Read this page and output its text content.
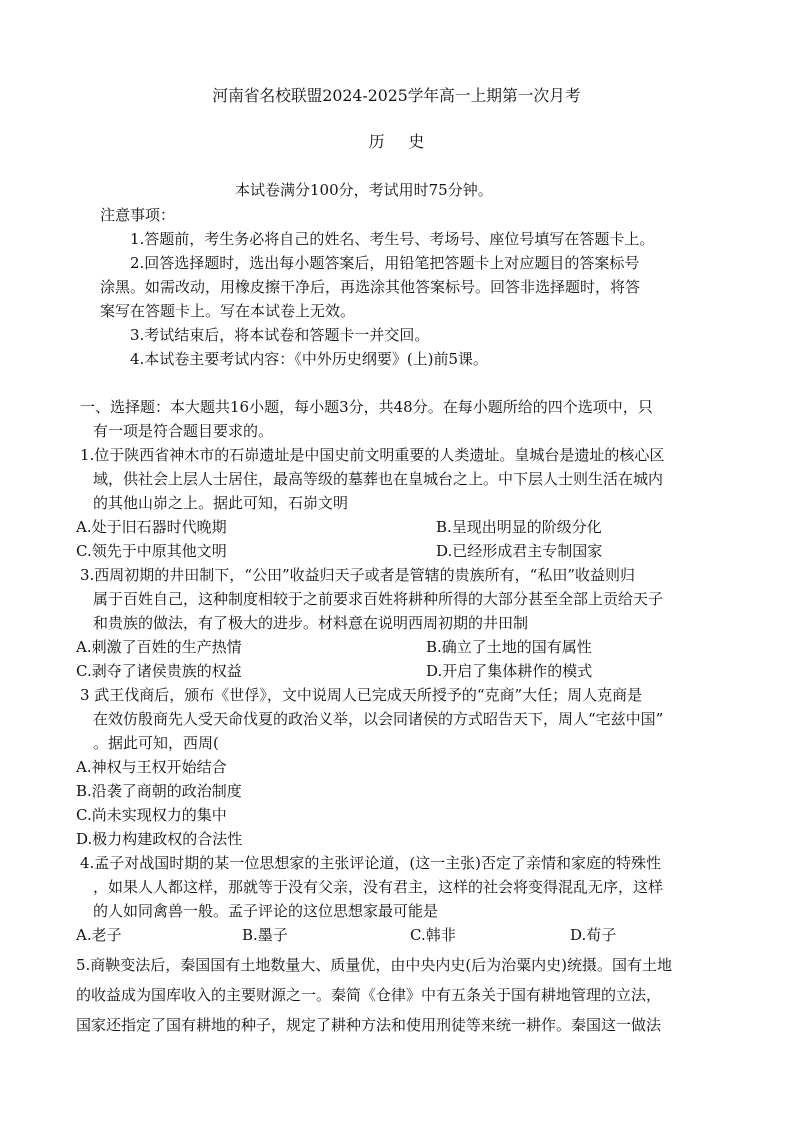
河南省名校联盟2024-2025学年高一上期第一次月考
历 史
本试卷满分100分，考试用时75分钟。
注意事项：
1.答题前，考生务必将自己的姓名、考生号、考场号、座位号填写在答题卡上。
2.回答选择题时，选出每小题答案后，用铅笔把答题卡上对应题目的答案标号
涂黑。如需改动，用橡皮擦干净后，再选涂其他答案标号。回答非选择题时，将答
案写在答题卡上。写在本试卷上无效。
3.考试结束后，将本试卷和答题卡一并交回。
4.本试卷主要考试内容：《中外历史纲要》(上)前5课。
一、选择题：本大题共16小题，每小题3分，共48分。在每小题所给的四个选项中，只
有一项是符合题目要求的。
1.位于陕西省神木市的石峁遗址是中国史前文明重要的人类遗址。皇城台是遗址的核心区
域，供社会上层人士居住，最高等级的墓葬也在皇城台之上。中下层人士则生活在城内
的其他山峁之上。据此可知，石峁文明
A.处于旧石器时代晚期	B.呈现出明显的阶级分化
C.领先于中原其他文明	D.已经形成君主专制国家
3.西周初期的井田制下，“公田”收益归天子或者是管辖的贵族所有，“私田”收益则归
属于百姓自己，这种制度相较于之前要求百姓将耕种所得的大部分甚至全部上贡给天子
和贵族的做法，有了极大的进步。材料意在说明西周初期的井田制
A.刺激了百姓的生产热情	B.确立了土地的国有属性
C.剥夺了诸侯贵族的权益	D.开启了集体耕作的模式
3 武王伐商后，颁布《世俘》，文中说周人已完成天所授予的“克商”大任；周人克商是
在效仿殷商先人受天命伐夏的政治义举，以会同诸侯的方式昭告天下，周人“宅兹中国”
。据此可知，西周(
A.神权与王权开始结合
B.沿袭了商朝的政治制度
C.尚未实现权力的集中
D.极力构建政权的合法性
4.孟子对战国时期的某一位思想家的主张评论道，(这一主张)否定了亲情和家庭的特殊性
，如果人人都这样，那就等于没有父亲，没有君主，这样的社会将变得混乱无序，这样
的人如同禽兽一般。孟子评论的这位思想家最可能是
A.老子	B.墨子	C.韩非	D.荀子
5.商鞅变法后，秦国国有土地数量大、质量优，由中央内史(后为治粟内史)统摄。国有土地
的收益成为国库收入的主要财源之一。秦简《仓律》中有五条关于国有耕地管理的立法，
国家还指定了国有耕地的种子，规定了耕种方法和使用刑徒等来统一耕作。秦国这一做法
